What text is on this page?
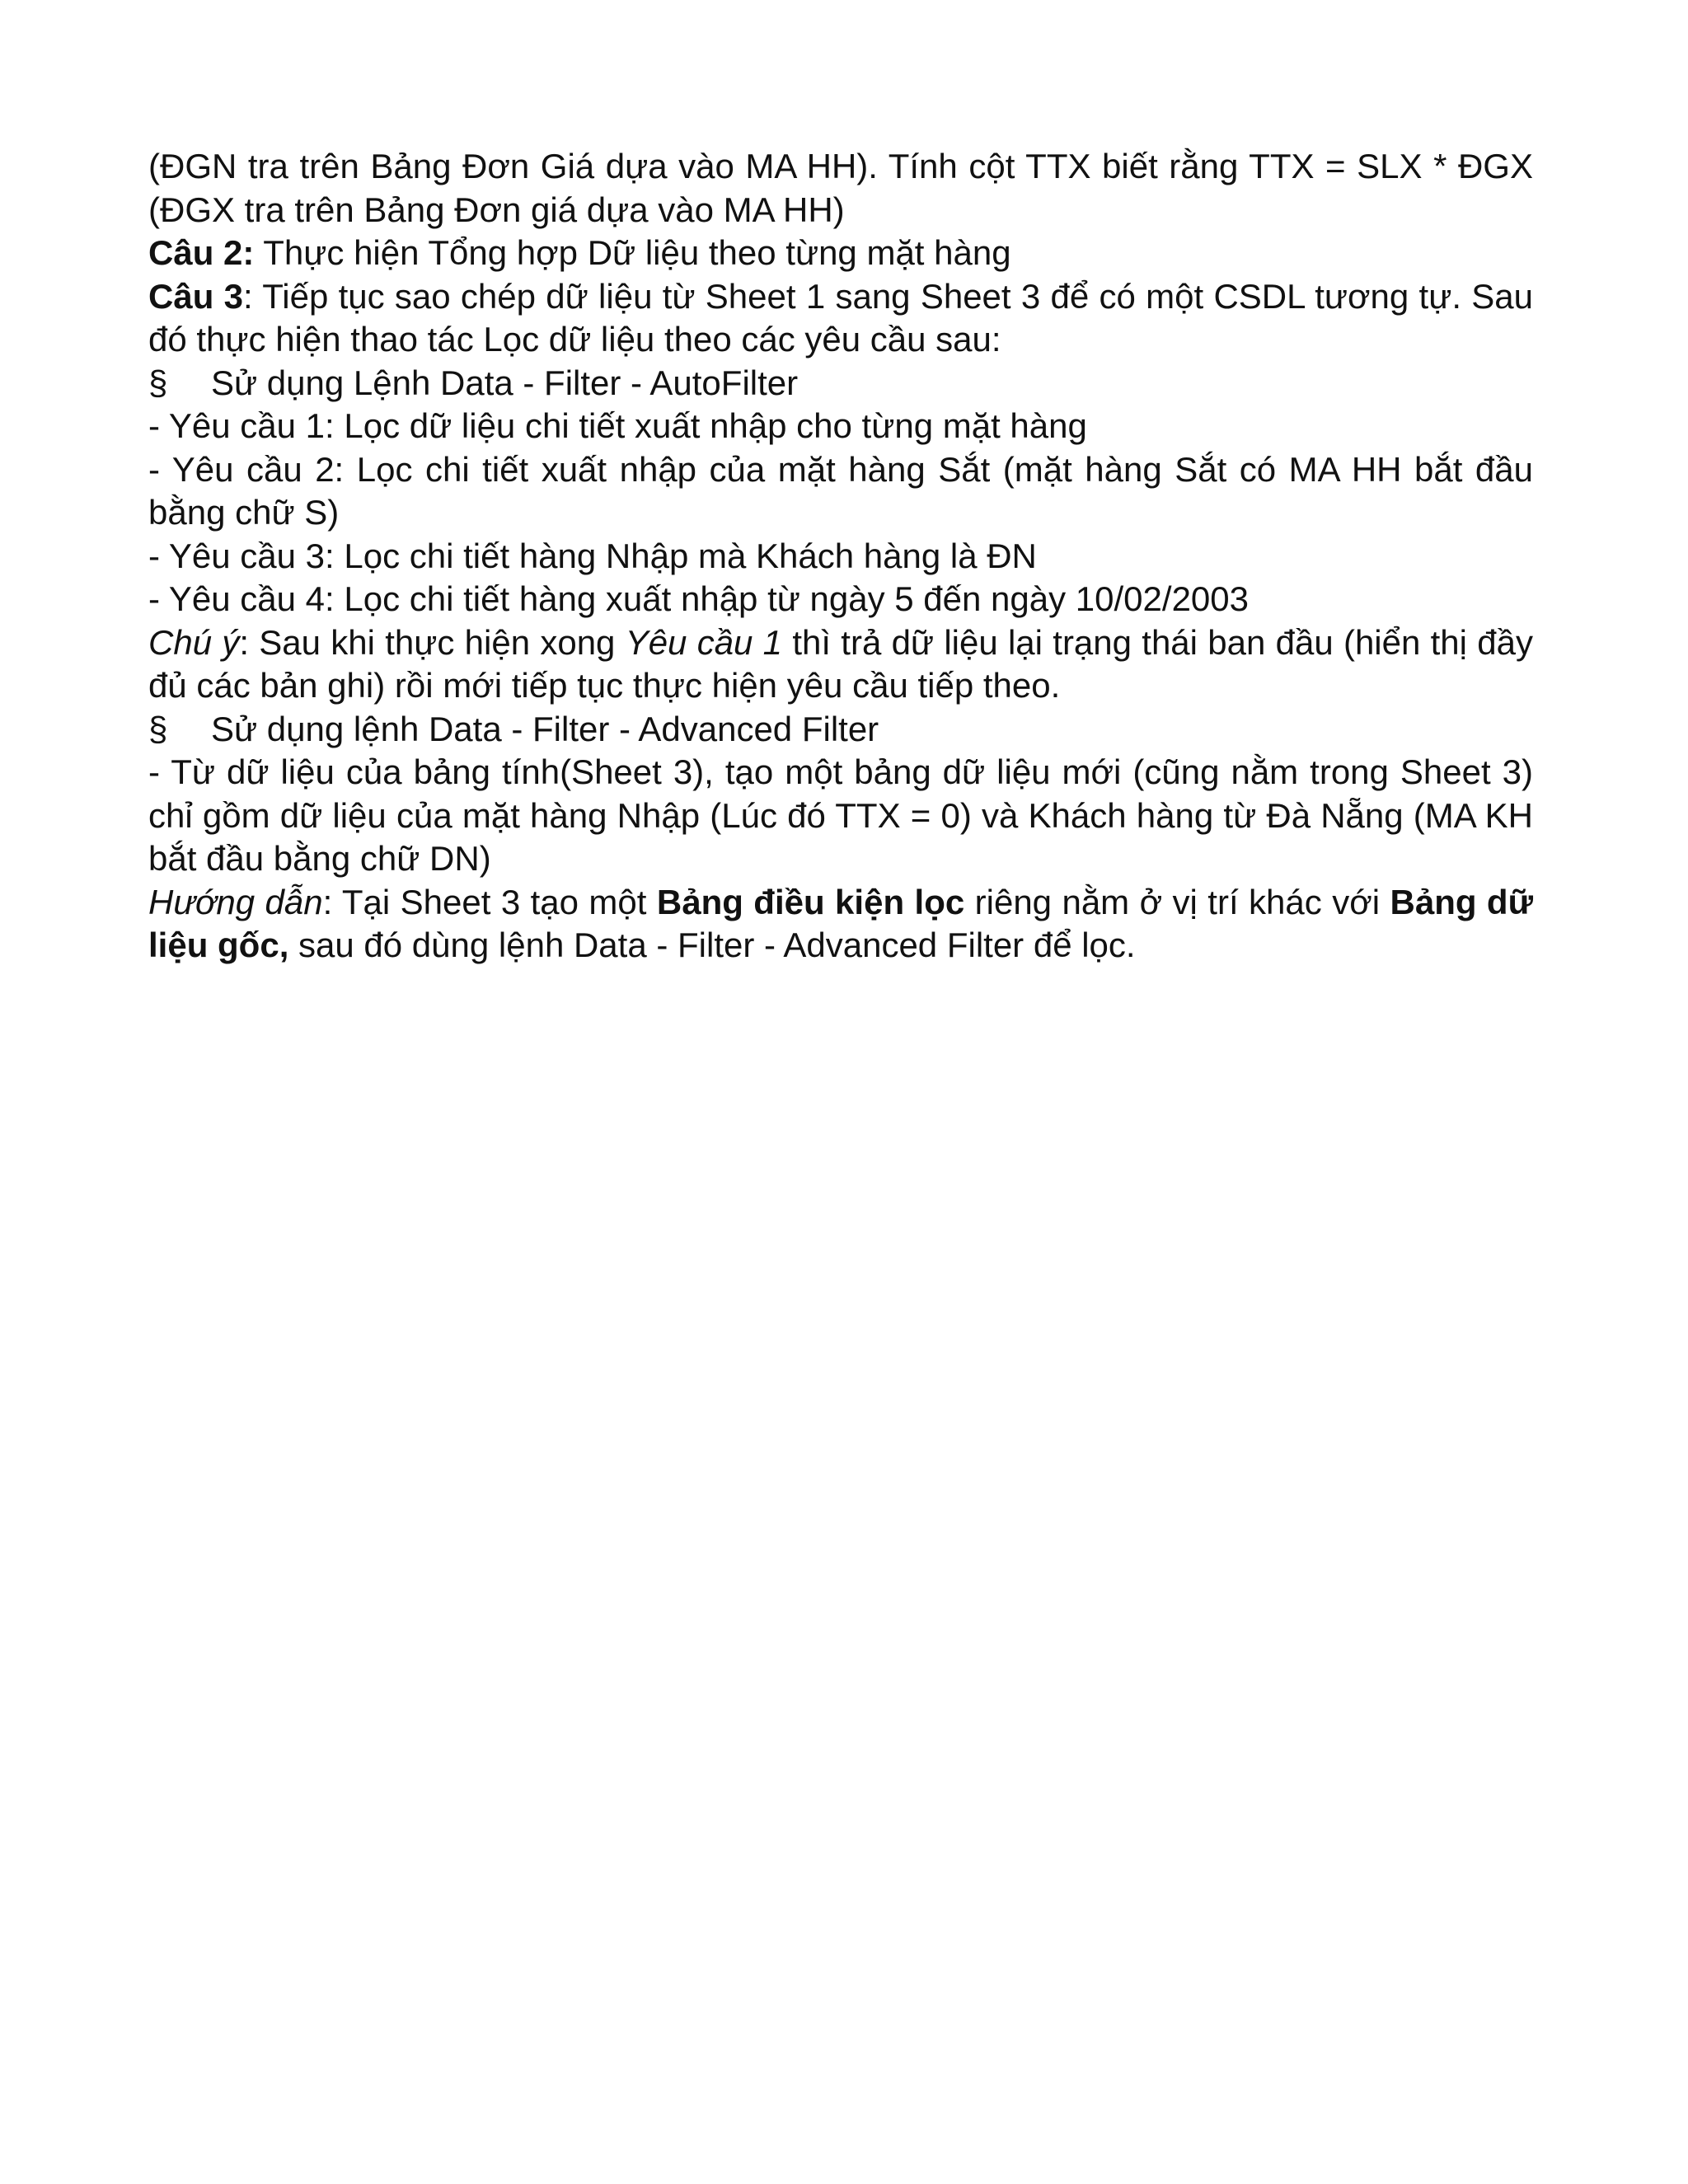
(ĐGN tra trên Bảng Đơn Giá dựa vào MA HH). Tính cột TTX biết rằng TTX = SLX * ĐGX (ĐGX tra trên Bảng Đơn giá dựa vào MA HH)

Câu 2: Thực hiện Tổng hợp Dữ liệu theo từng mặt hàng

Câu 3: Tiếp tục sao chép dữ liệu từ Sheet 1 sang Sheet 3 để có một CSDL tương tự. Sau đó thực hiện thao tác Lọc dữ liệu theo các yêu cầu sau:

§	Sử dụng Lệnh Data - Filter - AutoFilter

- Yêu cầu 1: Lọc dữ liệu chi tiết xuất nhập cho từng mặt hàng

- Yêu cầu 2: Lọc chi tiết xuất nhập của mặt hàng Sắt (mặt hàng Sắt có MA HH bắt đầu bằng chữ S)

- Yêu cầu 3: Lọc chi tiết hàng Nhập mà Khách hàng là ĐN

- Yêu cầu 4: Lọc chi tiết hàng xuất nhập từ ngày 5 đến ngày 10/02/2003

Chú ý: Sau khi thực hiện xong Yêu cầu 1 thì trả dữ liệu lại trạng thái ban đầu (hiển thị đầy đủ các bản ghi) rồi mới tiếp tục thực hiện yêu cầu tiếp theo.

§	Sử dụng lệnh Data - Filter - Advanced Filter

- Từ dữ liệu của bảng tính(Sheet 3), tạo một bảng dữ liệu mới (cũng nằm trong Sheet 3) chỉ gồm dữ liệu của mặt hàng Nhập (Lúc đó TTX = 0) và Khách hàng từ Đà Nẵng (MA KH bắt đầu bằng chữ DN)

Hướng dẫn: Tại Sheet 3 tạo một Bảng điều kiện lọc riêng nằm ở vị trí khác với Bảng dữ liệu gốc, sau đó dùng lệnh Data - Filter - Advanced Filter để lọc.
